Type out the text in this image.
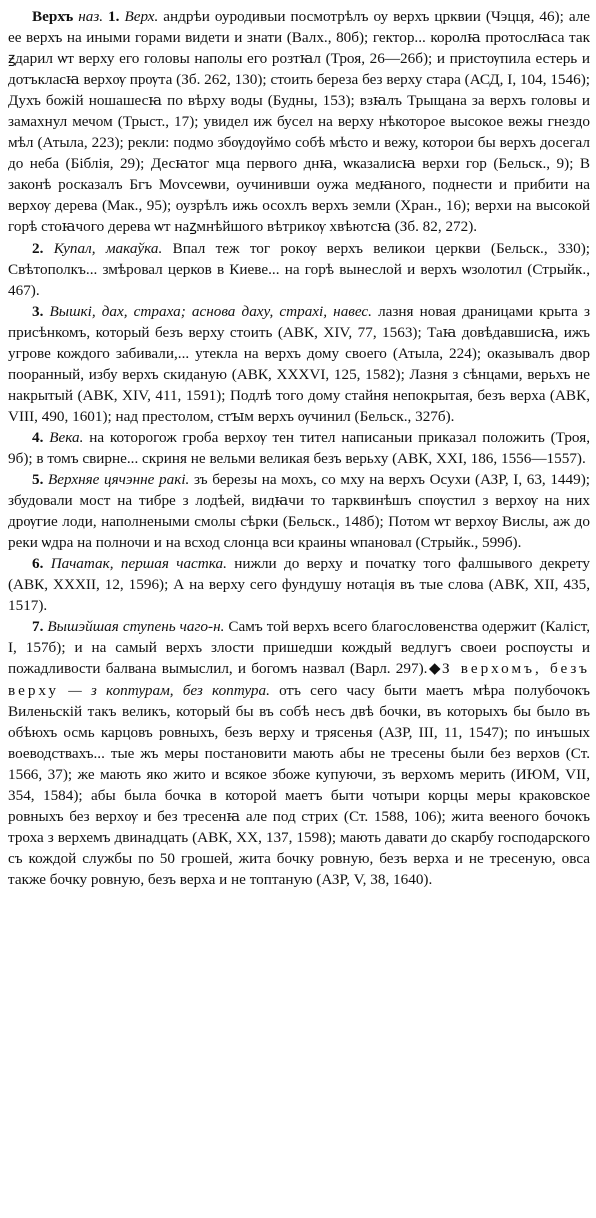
Верхъ наз. 1. Верх. андрѣи оуродивыи посмотрѣлъ оу верхъ црквии (Чэцця, 46); але ее верхъ на иными горами видети и знати (Валх., 80б); гектор... королꙗ протослꙗса так ꙃдарил ѡт верху его головы наполы его розтꙗл (Троя, 26—26б); и пристѹпила естерь и дотъкласꙗ верхѹ прѹта (Зб. 262, 130); стоить береза без верху старa (АСД, I, 104, 1546); Духъ божій ношашесꙗ по вѣрху воды (Будны, 153); взꙗлъ Трыщана за верхъ головы и замахнул мечом (Трыст., 17); увидел иж бусел на верху нѣкоторое высокое вежы гнездо мѣл (Атыла, 223); рекли: подмо збѹдѹймо собѣ мѣсто и вежу, которои бы верхъ досегал до неба (Біблія, 29); Десꙗтог мца первого днꙗ, ѡказалисꙗ верхи гор (Бельск., 9); В законѣ росказалъ Бгъ Моvсеѡви, оучинивши оужа медꙗного, поднести и прибити на верхѹ дерева (Мак., 95); оузрѣлъ ижь осохлъ верхъ земли (Хран., 16); верхи на высокой горѣ стоꙗчого дерева ѡт наꙁмнѣйшого вѣтрикѹ хвѣютсꙗ (Зб. 82, 272).

2. Купал, макаўка. Впал теж тог рокѹ верхъ великои церкви (Бельск., 330); Свѣтополкъ... змѣровал церков в Киеве... на горѣ вынеслой и верхъ ѡзолотил (Стрыйк., 467).

3. Вышкі, дах, страха; аснова даху, страхі, навес. лазня новая драницами крыта з присѣнкомъ, который безъ верху стоить (АВК, XIV, 77, 1563); Таꙗ довѣдавшисꙗ, ижъ угрове кождого забивали,... утекла на верхъ дому своего (Атыла, 224); оказывалъ двор пооранный, избу верхъ скиданую (АВК, XXXVI, 125, 1582); Лазня з сѣнцами, верьхъ не накрытый (АВК, XIV, 411, 1591); Подлѣ того дому стайня непокрытая, безъ верха (АВК, VIII, 490, 1601); над престолом, стꙑм верхъ ѹчинил (Бельск., 327б).

4. Века. на которогож гроба верхѹ тен тител написаныи приказал положить (Троя, 9б); в томъ свирне... скриня не вельми великая безъ верьху (АВК, XXI, 186, 1556—1557).

5. Верхняе цячэнне ракі. зъ березы на мохъ, со мху на верхъ Осухи (АЗР, I, 63, 1449); збудовали мост на тибре з лодѣей, видꙗчи то тарквинѣшъ спѹстил з верхѹ на них дрѹгие лоди, наполнеными смолы сѣрки (Бельск., 148б); Потом ѡт верхѹ Вислы, аж до реки ѡдра на полночи и на всход слонца вси краины ѡпановал (Стрыйк., 599б).

6. Пачатак, першая частка. нижли до верху и початку того фалшывого декрету (АВК, XXXII, 12, 1596); А на верху сего фундушу нотація въ тые слова (АВК, XII, 435, 1517).

7. Вышэйшая ступень чаго-н. Самъ той верхъ всего благословенства одержит (Каліст, I, 157б); и на самый верхъ злости пришедши кождый ведлугъ своеи роспѹсты и пожадливости балвана вымыслил, и богомъ назвал (Варл. 297).◆З верхомъ, безъ верху — з коптурам, без коптура. отъ сего часу быти маетъ мѣра полубочокъ Виленьскій такъ великъ, который бы въ собѣ несъ двѣ бочки, въ которыхъ бы было въ обѣюхъ осмь карцовъ ровныхъ, безъ верху и трясенья (АЗР, III, 11, 1547); по инъшых воеводствахъ... тые жъ меры постановити мають абы не тресены были без верхов (Ст. 1566, 37); же мають яко жито и всякое збоже купуючи, зъ верхомъ мерить (ИЮМ, VII, 354, 1584); абы была бочка в которой маетъ быти чотыри корцы меры краковское ровныхъ без верхѹ и без тресенꙗ але под стрих (Ст. 1588, 106); жита веeного бочокъ троха з верхемъ двинадцать (АВК, XX, 137, 1598); мають давати до скарбу господарского съ кождой службы по 50 грошей, жита бочку ровную, безъ верха и не тресеную, овса также бочку ровную, безъ верха и не топтаную (АЗР, V, 38, 1640).
